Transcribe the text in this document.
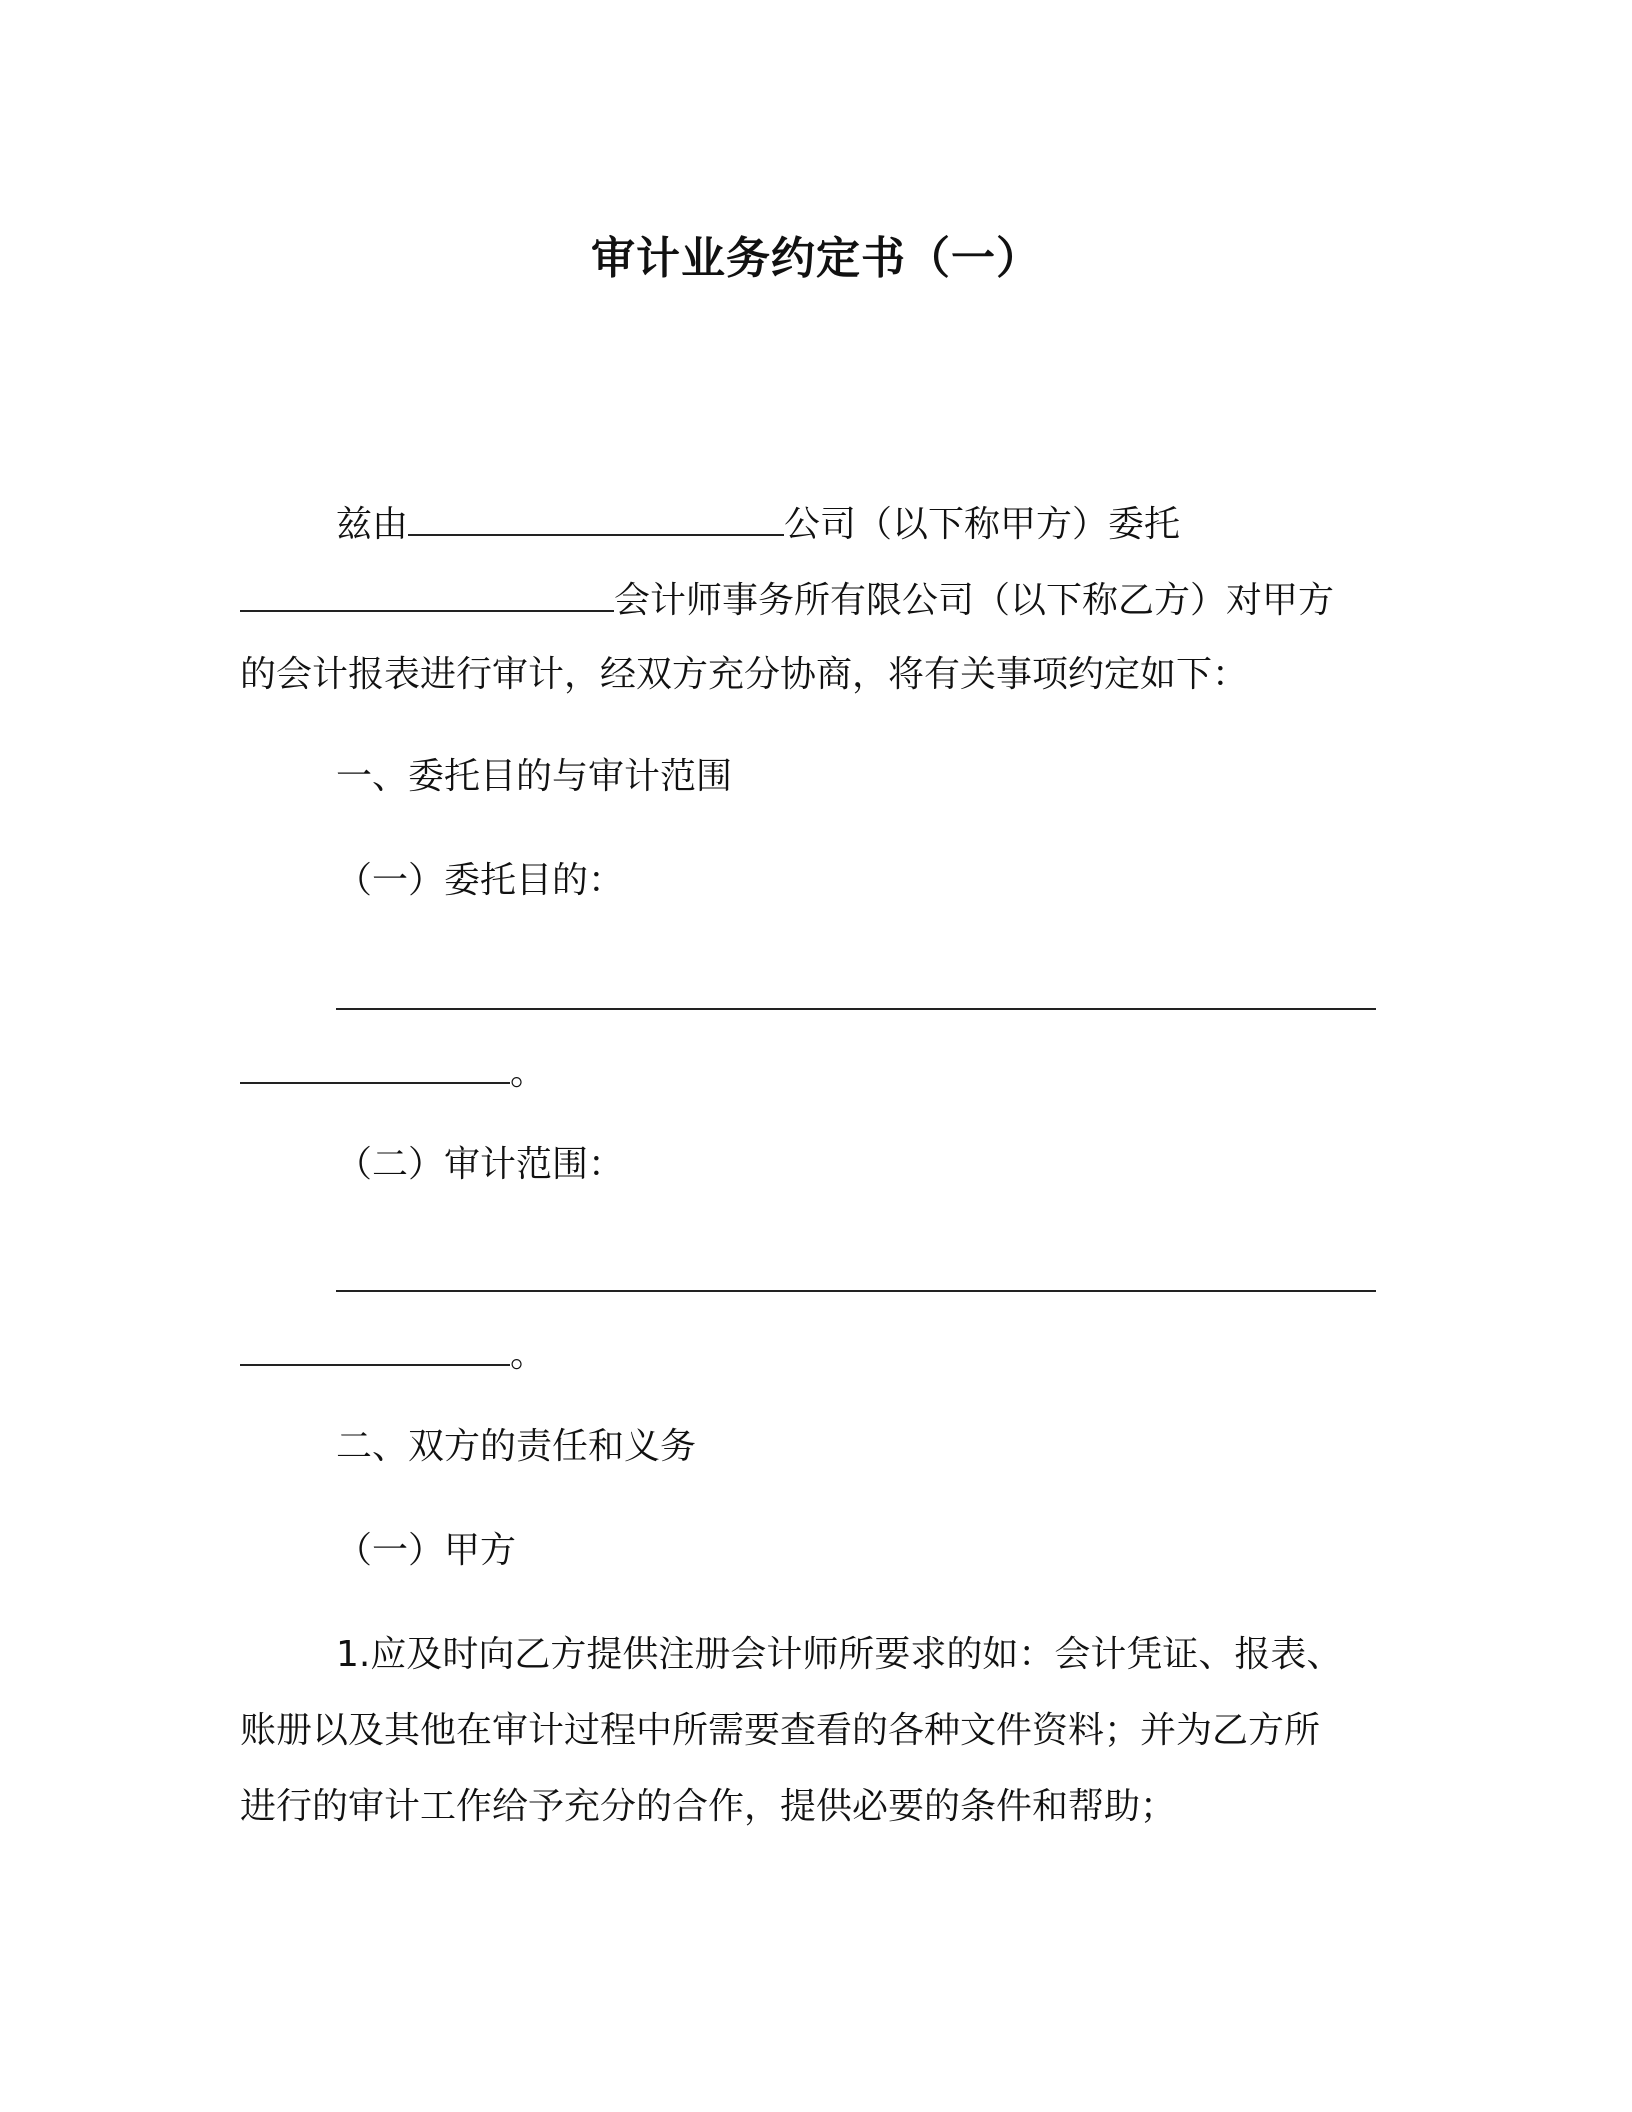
审计业务约定书（一）
兹由	公司（以下称甲方）委托
会计师事务所有限公司（以下称乙方）对甲方
的会计报表进行审计，经双方充分协商，将有关事项约定如下：
一、委托目的与审计范围
（一）委托目的：
。
（二）审计范围：
。
二、双方的责任和义务
（一）甲方
1.应及时向乙方提供注册会计师所要求的如：会计凭证、报表、
账册以及其他在审计过程中所需要查看的各种文件资料；并为乙方所
进行的审计工作给予充分的合作，提供必要的条件和帮助；
